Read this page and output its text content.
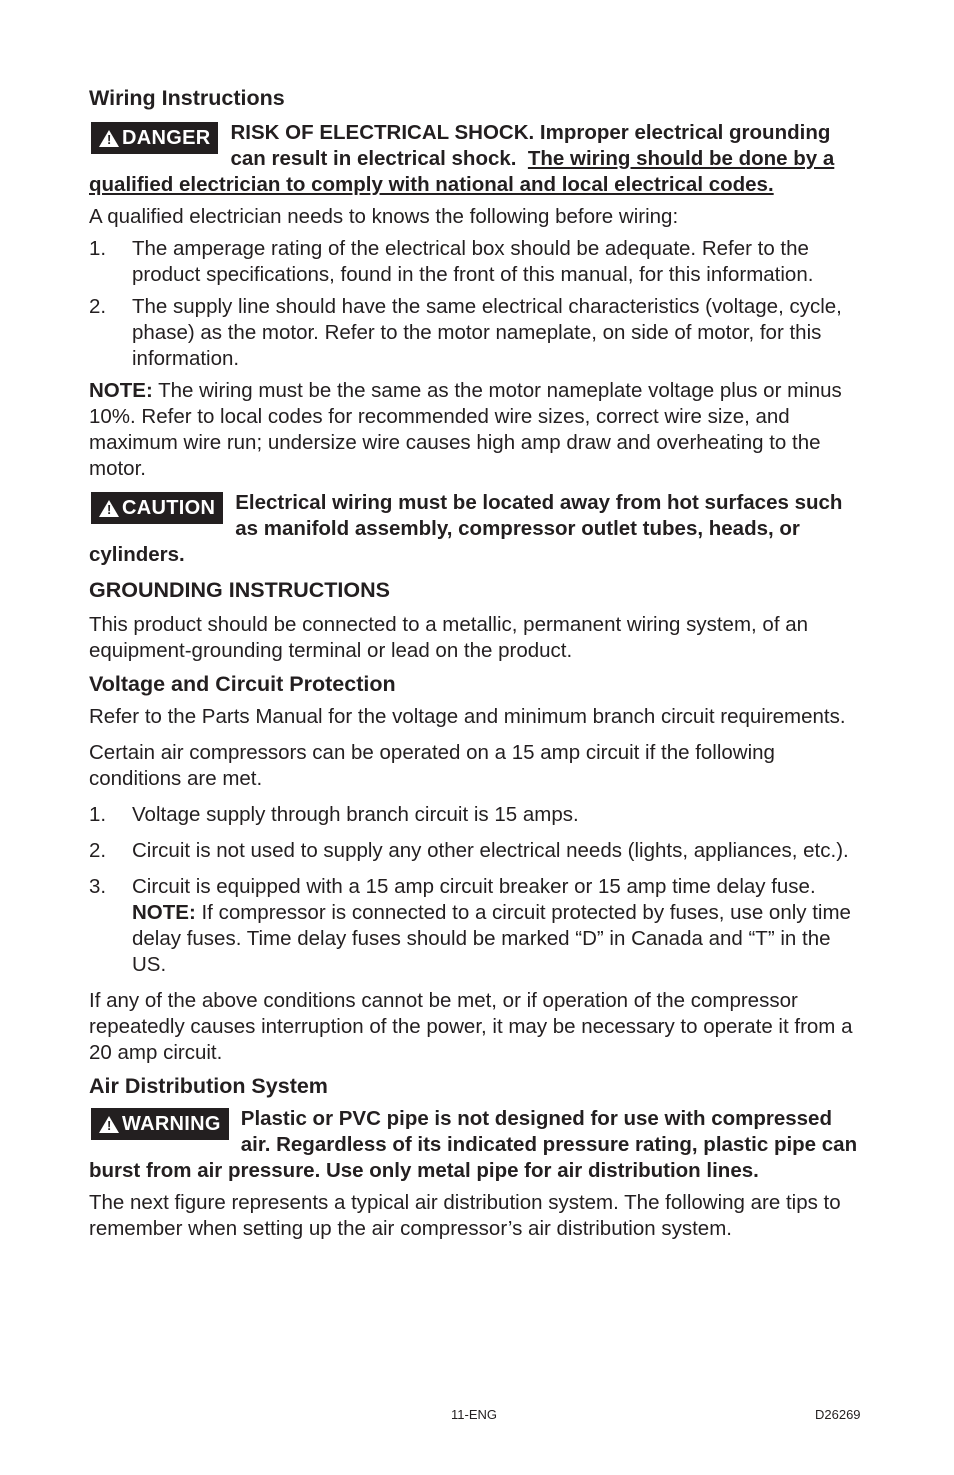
Wiring Instructions
! DANGER RISK OF ELECTRICAL SHOCK. Improper electrical grounding can result in electrical shock. The wiring should be done by a qualified electrician to comply with national and local electrical codes.

A qualified electrician needs to knows the following before wiring:

1. The amperage rating of the electrical box should be adequate. Refer to the product specifications, found in the front of this manual, for this information.
2. The supply line should have the same electrical characteristics (voltage, cycle, phase) as the motor. Refer to the motor nameplate, on side of motor, for this information.

NOTE: The wiring must be the same as the motor nameplate voltage plus or minus 10%. Refer to local codes for recommended wire sizes, correct wire size, and maximum wire run; undersize wire causes high amp draw and overheating to the motor.

! CAUTION Electrical wiring must be located away from hot surfaces such as manifold assembly, compressor outlet tubes, heads, or cylinders.
GROUNDING INSTRUCTIONS

This product should be connected to a metallic, permanent wiring system, of an equipment-grounding terminal or lead on the product.

Voltage and Circuit Protection

Refer to the Parts Manual for the voltage and minimum branch circuit requirements.

Certain air compressors can be operated on a 15 amp circuit if the following conditions are met.

1. Voltage supply through branch circuit is 15 amps.
2. Circuit is not used to supply any other electrical needs (lights, appliances, etc.).
3. Circuit is equipped with a 15 amp circuit breaker or 15 amp time delay fuse. NOTE: If compressor is connected to a circuit protected by fuses, use only time delay fuses. Time delay fuses should be marked “D” in Canada and “T” in the US.

If any of the above conditions cannot be met, or if operation of the compressor repeatedly causes interruption of the power, it may be necessary to operate it from a 20 amp circuit.

Air Distribution System
! WARNING Plastic or PVC pipe is not designed for use with compressed air. Regardless of its indicated pressure rating, plastic pipe can burst from air pressure. Use only metal pipe for air distribution lines.

The next figure represents a typical air distribution system. The following are tips to remember when setting up the air compressor’s air distribution system.

11-ENG	D26269
